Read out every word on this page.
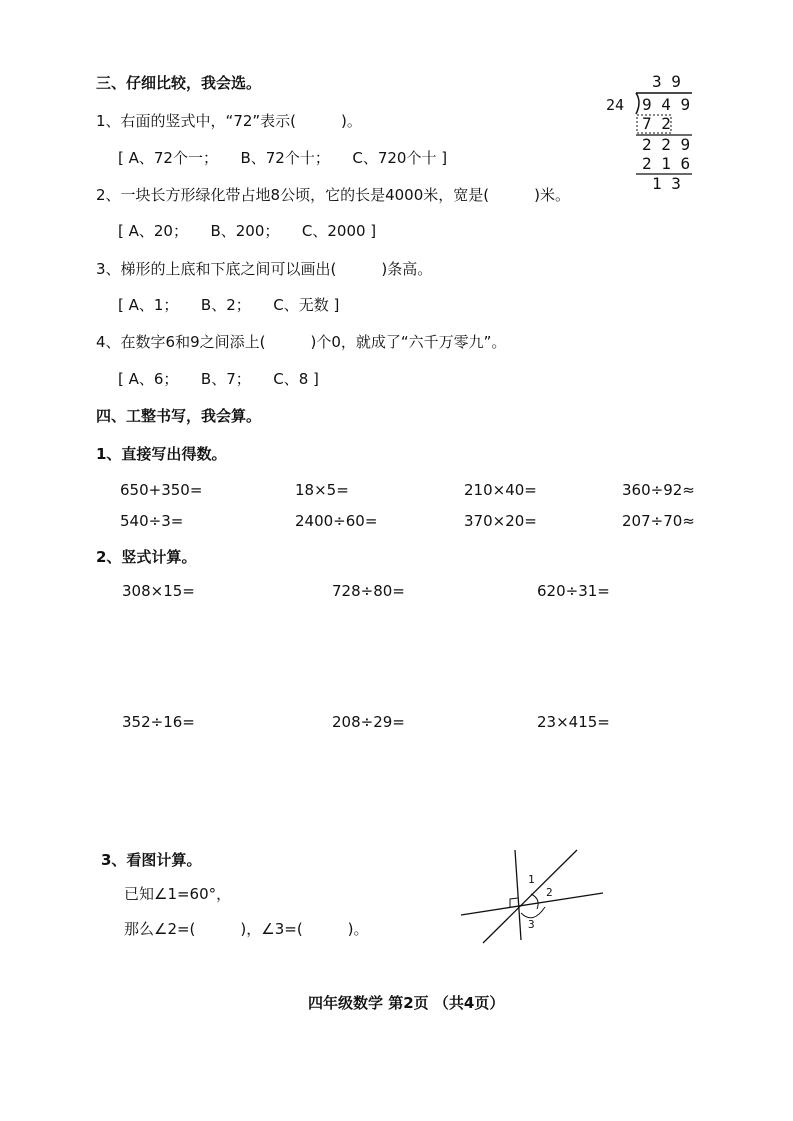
三、仔细比较，我会选。
1、右面的竖式中，“72”表示(　　　)。
[ A、72个一；　　B、72个十；　　C、720个十 ]
2、一块长方形绿化带占地8公顷，它的长是4000米，宽是(　　　)米。
[ A、20；　　B、200；　　C、2000 ]
3、梯形的上底和下底之间可以画出(　　　)条高。
[ A、1；　　B、2；　　C、无数 ]
4、在数字6和9之间添上(　　　)个0，就成了“六千万零九”。
[ A、6；　　B、7；　　C、8 ]
3 9
24 9 4 9
7 2
2 2 9
2 1 6
1 3
四、工整书写，我会算。
1、直接写出得数。
650+350=	18×5=	210×40=	360÷92≈
540÷3=	2400÷60=	370×20=	207÷70≈
2、竖式计算。
308×15=	728÷80=	620÷31=
352÷16=	208÷29=	23×415=
3、看图计算。
已知∠1=60°，
那么∠2=(　　　)，∠3=(　　　)。
1
2
3
四年级数学 第2页 （共4页）
